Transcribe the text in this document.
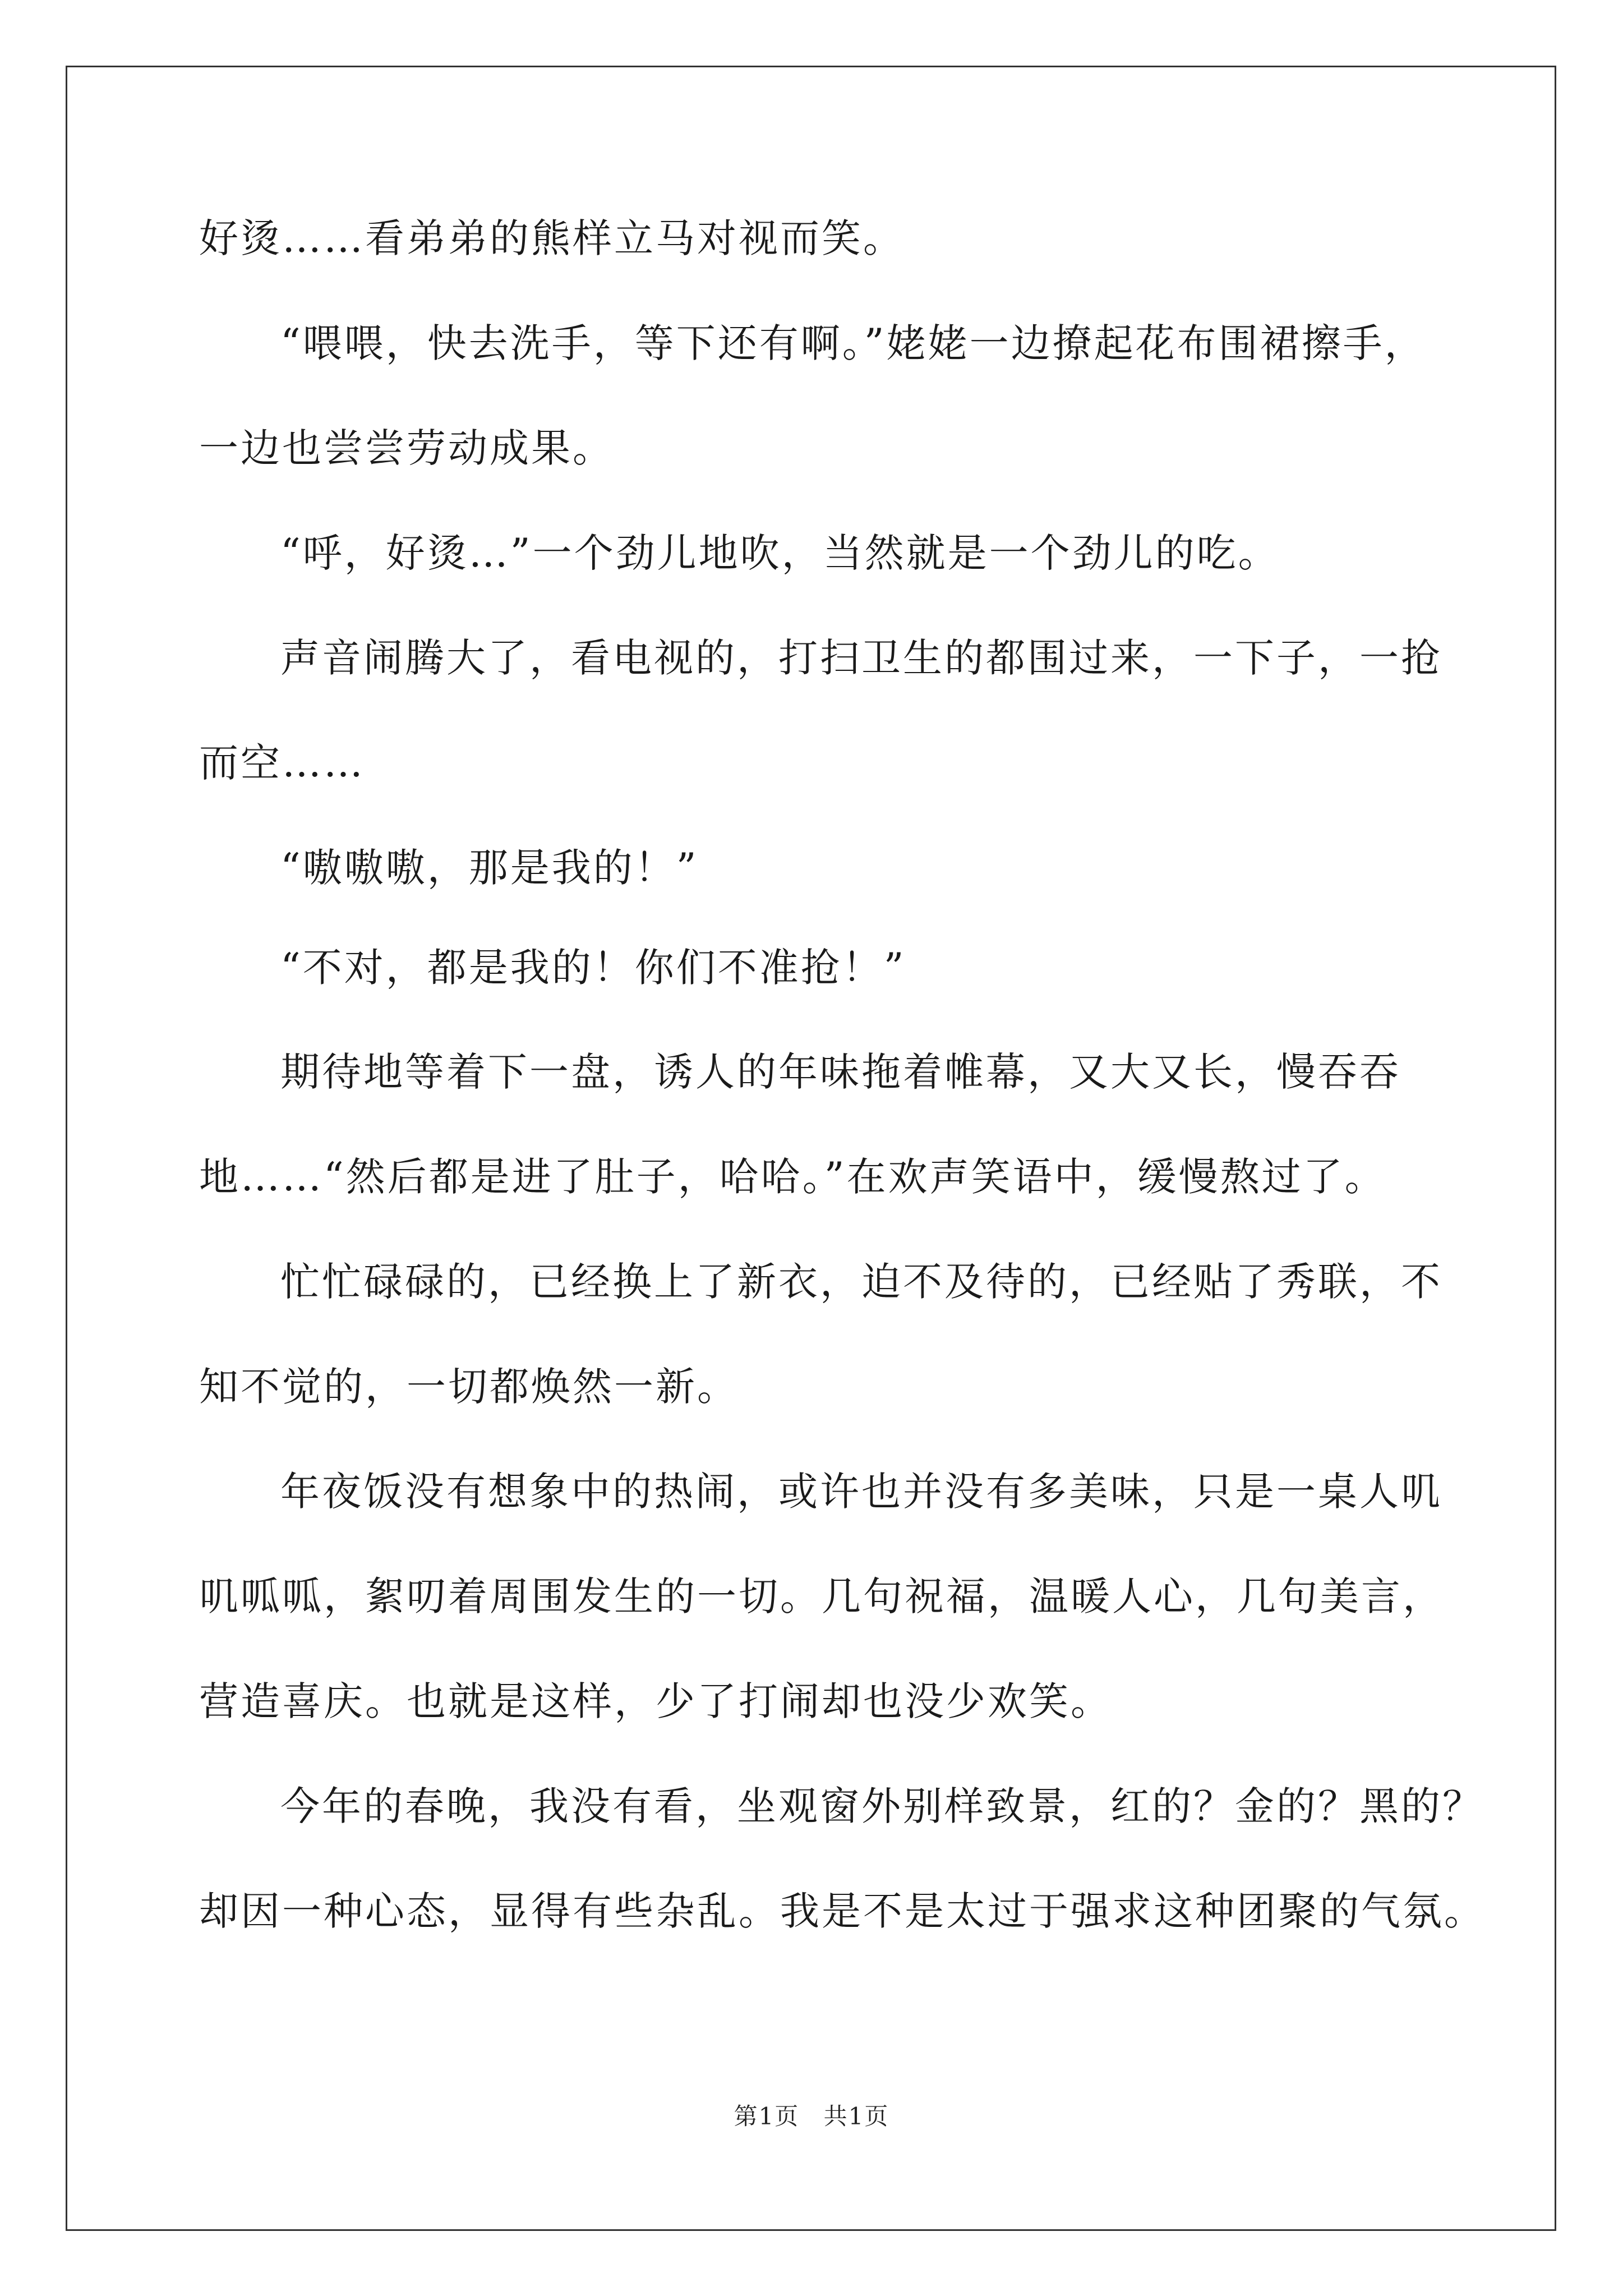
好烫……看弟弟的熊样立马对视而笑。
“喂喂，快去洗手，等下还有啊。”姥姥一边撩起花布围裙擦手，
一边也尝尝劳动成果。
“呼，好烫…”一个劲儿地吹，当然就是一个劲儿的吃。
声音闹腾大了，看电视的，打扫卫生的都围过来，一下子，一抢
而空……
“嗷嗷嗷，那是我的！”
“不对，都是我的！你们不准抢！”
期待地等着下一盘，诱人的年味拖着帷幕，又大又长，慢吞吞
地……“然后都是进了肚子，哈哈。”在欢声笑语中，缓慢熬过了。
忙忙碌碌的，已经换上了新衣，迫不及待的，已经贴了秀联，不
知不觉的，一切都焕然一新。
年夜饭没有想象中的热闹，或许也并没有多美味，只是一桌人叽
叽呱呱，絮叨着周围发生的一切。几句祝福，温暖人心，几句美言，
营造喜庆。也就是这样，少了打闹却也没少欢笑。
今年的春晚，我没有看，坐观窗外别样致景，红的？金的？黑的？
却因一种心态，显得有些杂乱。我是不是太过于强求这种团聚的气氛。
第1页 共1页
